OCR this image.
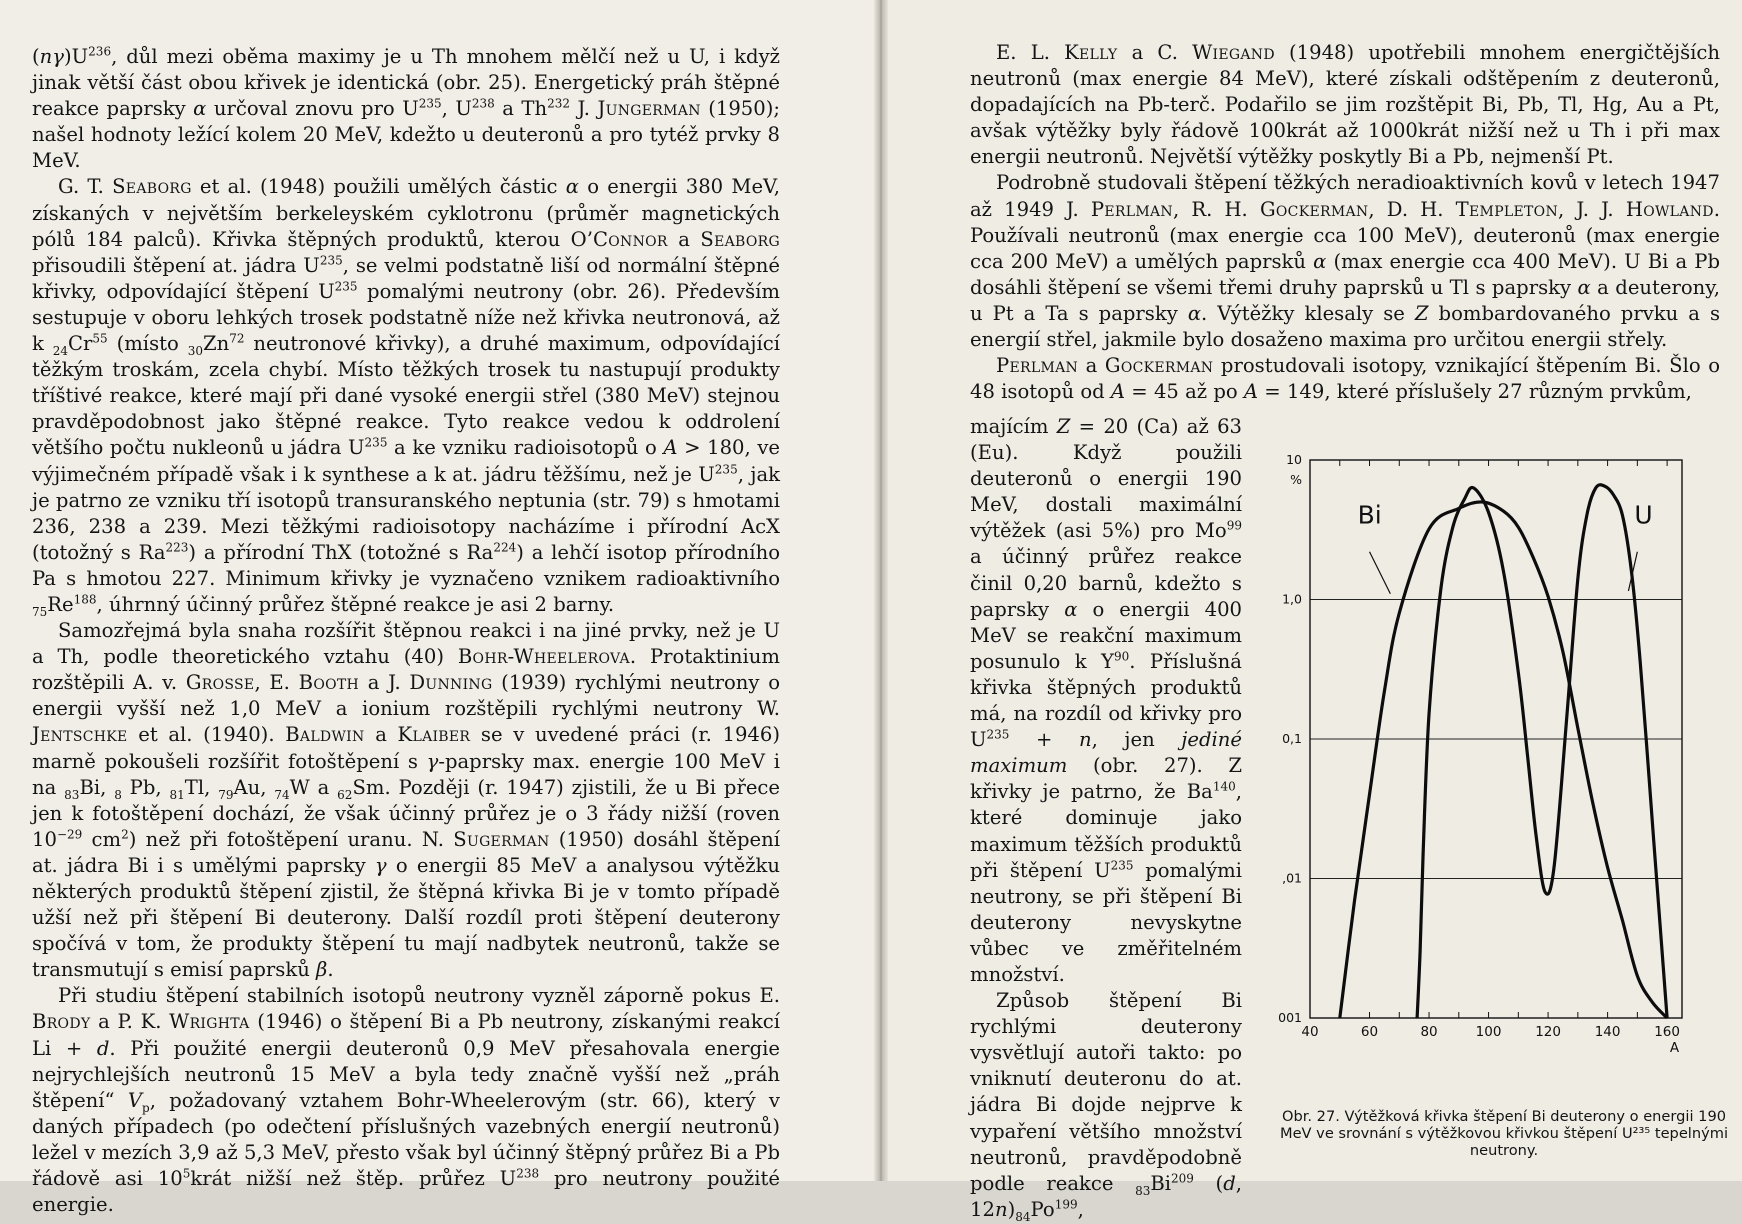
$(n\gamma)U^{236}$, důl mezi oběma maximy je u Th mnohem mělčí než u U, i když jinak větší část obou křivek je identická (obr. 25). Energetický práh štěpné reakce paprsky α určoval znovu pro $U^{235}$, $U^{238}$ a Th$^{232}$ J. Jungerman (1950); našel hodnoty ležící kolem 20 MeV, kdežto u deuteronů a pro tytéž prvky 8 MeV.

G. T. Seaborg et al. (1948) použili umělých částic α o energii 380 MeV, získaných v největším berkeleyském cyklotronu (průměr magnetických pólů 184 palců). Křivka štěpných produktů, kterou O’Connor a Seaborg přisoudili štěpení at. jádra $U^{235}$, se velmi podstatně liší od normální štěpné křivky, odpovídající štěpení $U^{235}$ pomalými neutrony (obr. 26). Především sestupuje v oboru lehkých trosek podstatně níže než křivka neutronová, až k $_{24}Cr^{55}$ (místo $_{30}Zn^{72}$ neutronové křivky), a druhé maximum, odpovídající těžkým troskám, zcela chybí. Místo těžkých trosek tu nastupují produkty tříštivé reakce, které mají při dané vysoké energii střel (380 MeV) stejnou pravděpodobnost jako štěpné reakce. Tyto reakce vedou k oddrolení většího počtu nukleonů u jádra $U^{235}$ a ke vzniku radioisotopů o A > 180, ve výjimečném případě však i k synthese a k at. jádru těžšímu, než je $U^{235}$, jak je patrno ze vzniku tří isotopů transuranského neptunia (str. 79) s hmotami 236, 238 a 239. Mezi těžkými radioisotopy nacházíme i přírodní AcX (totožný s Ra$^{223}$) a přírodní ThX (totožné s Ra$^{224}$) a lehčí isotop přírodního Pa s hmotou 227. Minimum křivky je vyznačeno vznikem radioaktivního $_{75}Re^{188}$, úhrnný účinný průřez štěpné reakce je asi 2 barny.

Samozřejmá byla snaha rozšířit štěpnou reakci i na jiné prvky, než je U a Th, podle theoretického vztahu (40) Bohr-Wheelerova. Protaktinium rozštěpili A. v. Grosse, E. Booth a J. Dunning (1939) rychlými neutrony o energii vyšší než 1,0 MeV a ionium rozštěpili rychlými neutrony W. Jentschke et al. (1940). Baldwin a Klaiber se v uvedené práci (r. 1946) marně pokoušeli rozšířit fotoštěpení s γ-paprsky max. energie 100 MeV i na $_{83}$Bi, $_8$ Pb, $_{81}$Tl, $_{79}$Au, $_{74}$W a $_{62}$Sm. Později (r. 1947) zjistili, že u Bi přece jen k fotoštěpení dochází, že však účinný průřez je o 3 řády nižší (roven $10^{-29}$ $cm^2$) než při fotoštěpení uranu. N. Sugerman (1950) dosáhl štěpení at. jádra Bi i s umělými paprsky γ o energii 85 MeV a analysou výtěžku některých produktů štěpení zjistil, že štěpná křivka Bi je v tomto případě užší než při štěpení Bi deuterony. Další rozdíl proti štěpení deuterony spočívá v tom, že produkty štěpení tu mají nadbytek neutronů, takže se transmutují s emisí paprsků β.

Při studiu štěpení stabilních isotopů neutrony vyzněl záporně pokus E. Brody a P. K. Wrighta (1946) o štěpení Bi a Pb neutrony, získanými reakcí Li + d. Při použité energii deuteronů 0,9 MeV přesahovala energie nejrychlejších neutronů 15 MeV a byla tedy značně vyšší než „práh štěpení“ $V_p$, požadovaný vztahem Bohr-Wheelerovým (str. 66), který v daných případech (po odečtení příslušných vazebných energií neutronů) ležel v mezích 3,9 až 5,3 MeV, přesto však byl účinný štěpný průřez Bi a Pb řádově asi $10^5krát$ nižší než štěp. průřez $U^{238}$ pro neutrony použité energie.

E. L. Kelly a C. Wiegand (1948) upotřebili mnohem energičtějších neutronů (max energie 84 MeV), které získali odštěpením z deuteronů, dopadajících na Pb-terč. Podařilo se jim rozštěpit Bi, Pb, Tl, Hg, Au a Pt, avšak výtěžky byly řádově 100krát až 1000krát nižší než u Th i při max energii neutronů. Největší výtěžky poskytly Bi a Pb, nejmenší Pt.

Podrobně studovali štěpení těžkých neradioaktivních kovů v letech 1947 až 1949 J. Perlman, R. H. Gockerman, D. H. Templeton, J. J. Howland. Používali neutronů (max energie cca 100 MeV), deuteronů (max energie cca 200 MeV) a umělých paprsků α (max energie cca 400 MeV). U Bi a Pb dosáhli štěpení se všemi třemi druhy paprsků u Tl s paprsky α a deuterony, u Pt a Ta s paprsky α. Výtěžky klesaly se Z bombardovaného prvku a s energií střel, jakmile bylo dosaženo maxima pro určitou energii střely.

Perlman a Gockerman prostudovali isotopy, vznikající štěpením Bi. Šlo o 48 isotopů od A = 45 až po A = 149, které příslušely 27 různým prvkům,

majícím Z = 20 (Ca) až 63 (Eu). Když použili deuteronů o energii 190 MeV, dostali maximální výtěžek (asi 5%) pro Mo$^{99}$ a účinný průřez reakce činil 0,20 barnů, kdežto s paprsky α o energii 400 MeV se reakční maximum posunulo k $Y^{90}$. Příslušná křivka štěpných produktů má, na rozdíl od křivky pro $U^{235} + n$, jen jediné maximum (obr. 27). Z křivky je patrno, že Ba$^{140}$, které dominuje jako maximum těžších produktů při štěpení $U^{235}$ pomalými neutrony, se při štěpení Bi deuterony nevyskytne vůbec ve změřitelném množství.

Způsob štěpení Bi rychlými deuterony vysvětlují autoři takto: po vniknutí deuteronu do at. jádra Bi dojde nejprve k vypaření většího množství neutronů, pravděpodobně podle reakce $_{83}Bi^{209}$ (d, $12n)_{84}Po^{199}$,

10
1,0
0,1
,01
001
%
40	60	80	100 120 140 160
A
Bi	U
Obr. 27. Výtěžková křivka štěpení Bi deuterony o energii 190 MeV ve srovnání s výtěžkovou křivkou štěpení U²³⁵ tepelnými neutrony.
